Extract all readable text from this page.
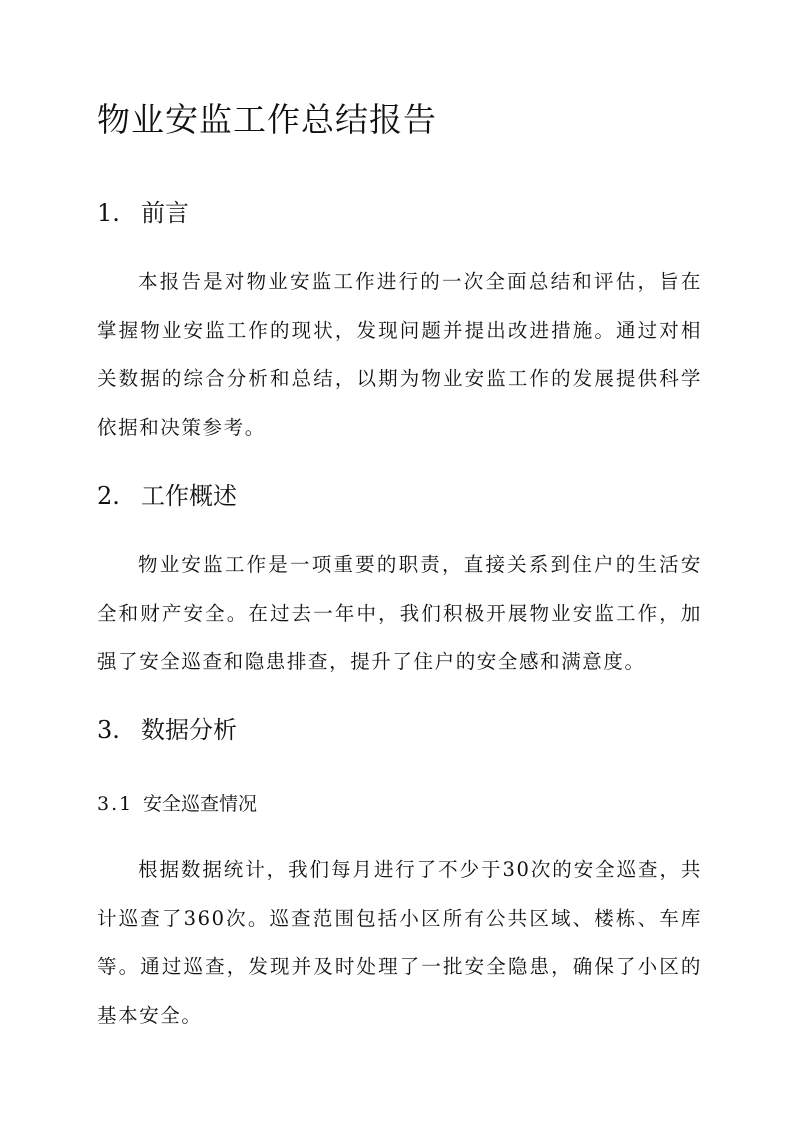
物业安监工作总结报告
1. 前言

本报告是对物业安监工作进行的一次全面总结和评估，旨在掌握物业安监工作的现状，发现问题并提出改进措施。通过对相关数据的综合分析和总结，以期为物业安监工作的发展提供科学依据和决策参考。

2. 工作概述

物业安监工作是一项重要的职责，直接关系到住户的生活安全和财产安全。在过去一年中，我们积极开展物业安监工作，加强了安全巡查和隐患排查，提升了住户的安全感和满意度。

3. 数据分析
3.1 安全巡查情况

根据数据统计，我们每月进行了不少于30次的安全巡查，共计巡查了360次。巡查范围包括小区所有公共区域、楼栋、车库等。通过巡查，发现并及时处理了一批安全隐患，确保了小区的基本安全。
